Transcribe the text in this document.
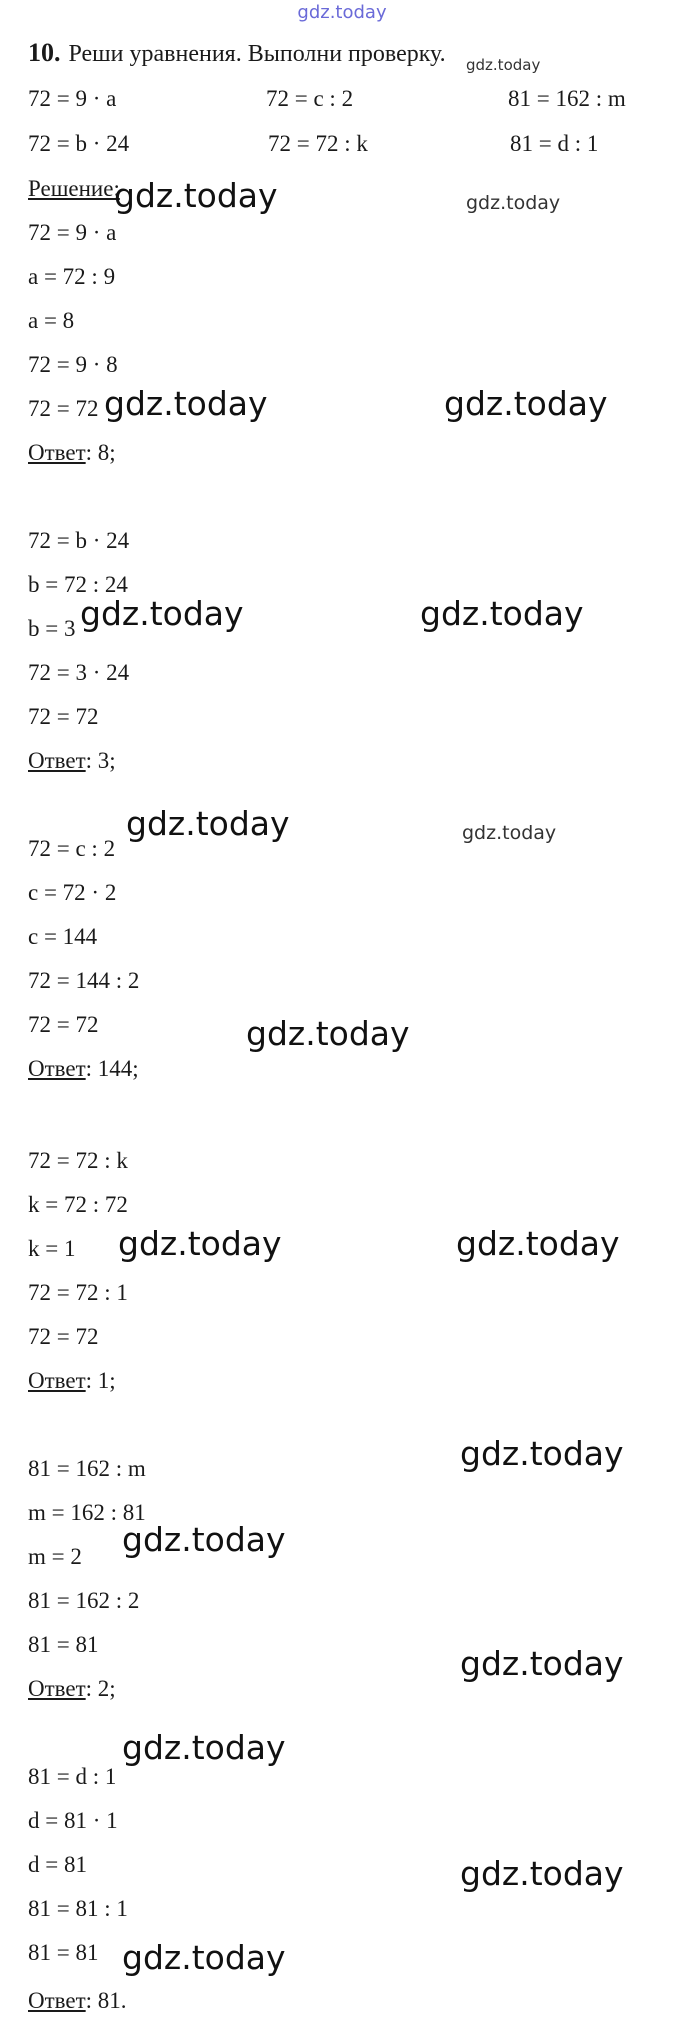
gdz.today
10. Реши уравнения. Выполни проверку. gdz.today
72 = 9 · a	72 = c : 2	81 = 162 : m
72 = b · 24	72 = 72 : k	81 = d : 1
Решение:
72 = 9 · a
a = 72 : 9
a = 8
72 = 9 · 8
72 = 72
Ответ: 8;
72 = b · 24
b = 72 : 24
b = 3
72 = 3 · 24
72 = 72
Ответ: 3;
72 = c : 2
c = 72 · 2
c = 144
72 = 144 : 2
72 = 72
Ответ: 144;
72 = 72 : k
k = 72 : 72
k = 1
72 = 72 : 1
72 = 72
Ответ: 1;
81 = 162 : m
m = 162 : 81
m = 2
81 = 162 : 2
81 = 81
Ответ: 2;
81 = d : 1
d = 81 · 1
d = 81
81 = 81 : 1
81 = 81
Ответ: 81.
gdz.today	gdz.today
gdz.today	gdz.today
gdz.today	gdz.today
gdz.today	gdz.today
gdz.today
gdz.today	gdz.today
gdz.today
gdz.today
gdz.today
gdz.today
gdz.today
gdz.today
